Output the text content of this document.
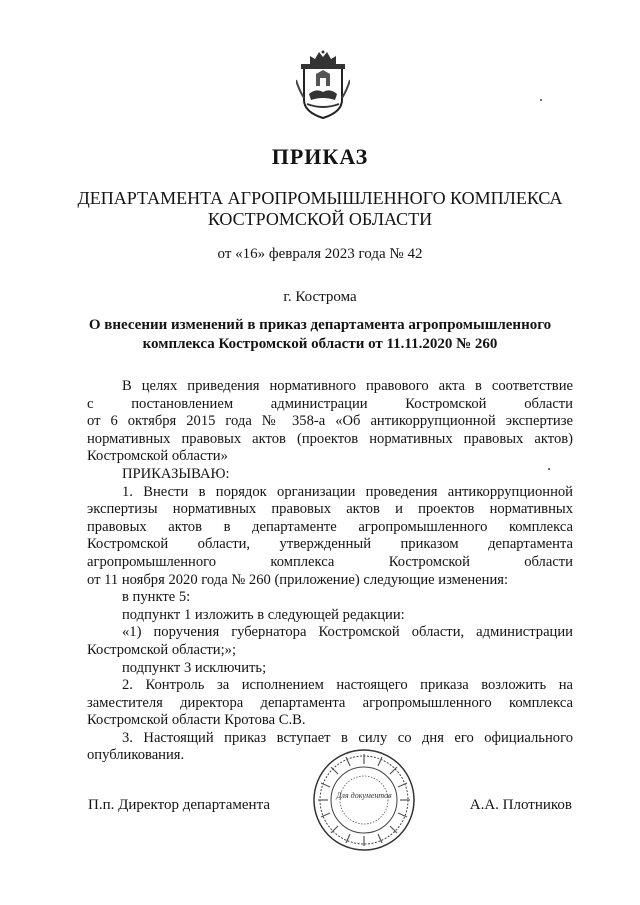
ПРИКАЗ
ДЕПАРТАМЕНТА АГРОПРОМЫШЛЕННОГО КОМПЛЕКСА
КОСТРОМСКОЙ ОБЛАСТИ
от «16» февраля 2023 года № 42
г. Кострома
О внесении изменений в приказ департамента агропромышленного
комплекса Костромской области от 11.11.2020 № 260

В целях приведения нормативного правового акта в соответствие

с постановлением администрации Костромской области

от 6 октября 2015 года № 358-а «Об антикоррупционной экспертизе

нормативных правовых актов (проектов нормативных правовых актов)

Костромской области»

ПРИКАЗЫВАЮ:

1. Внести в порядок организации проведения антикоррупционной

экспертизы нормативных правовых актов и проектов нормативных

правовых актов в департаменте агропромышленного комплекса

Костромской области, утвержденный приказом департамента

агропромышленного комплекса Костромской области

от 11 ноября 2020 года № 260 (приложение) следующие изменения:

в пункте 5:

подпункт 1 изложить в следующей редакции:

«1) поручения губернатора Костромской области, администрации

Костромской области;»;

подпункт 3 исключить;

2. Контроль за исполнением настоящего приказа возложить на

заместителя директора департамента агропромышленного комплекса

Костромской области Кротова С.В.

3. Настоящий приказ вступает в силу со дня его официального

опубликования.

Для документов
П.п. Директор департамента	А.А. Плотников
